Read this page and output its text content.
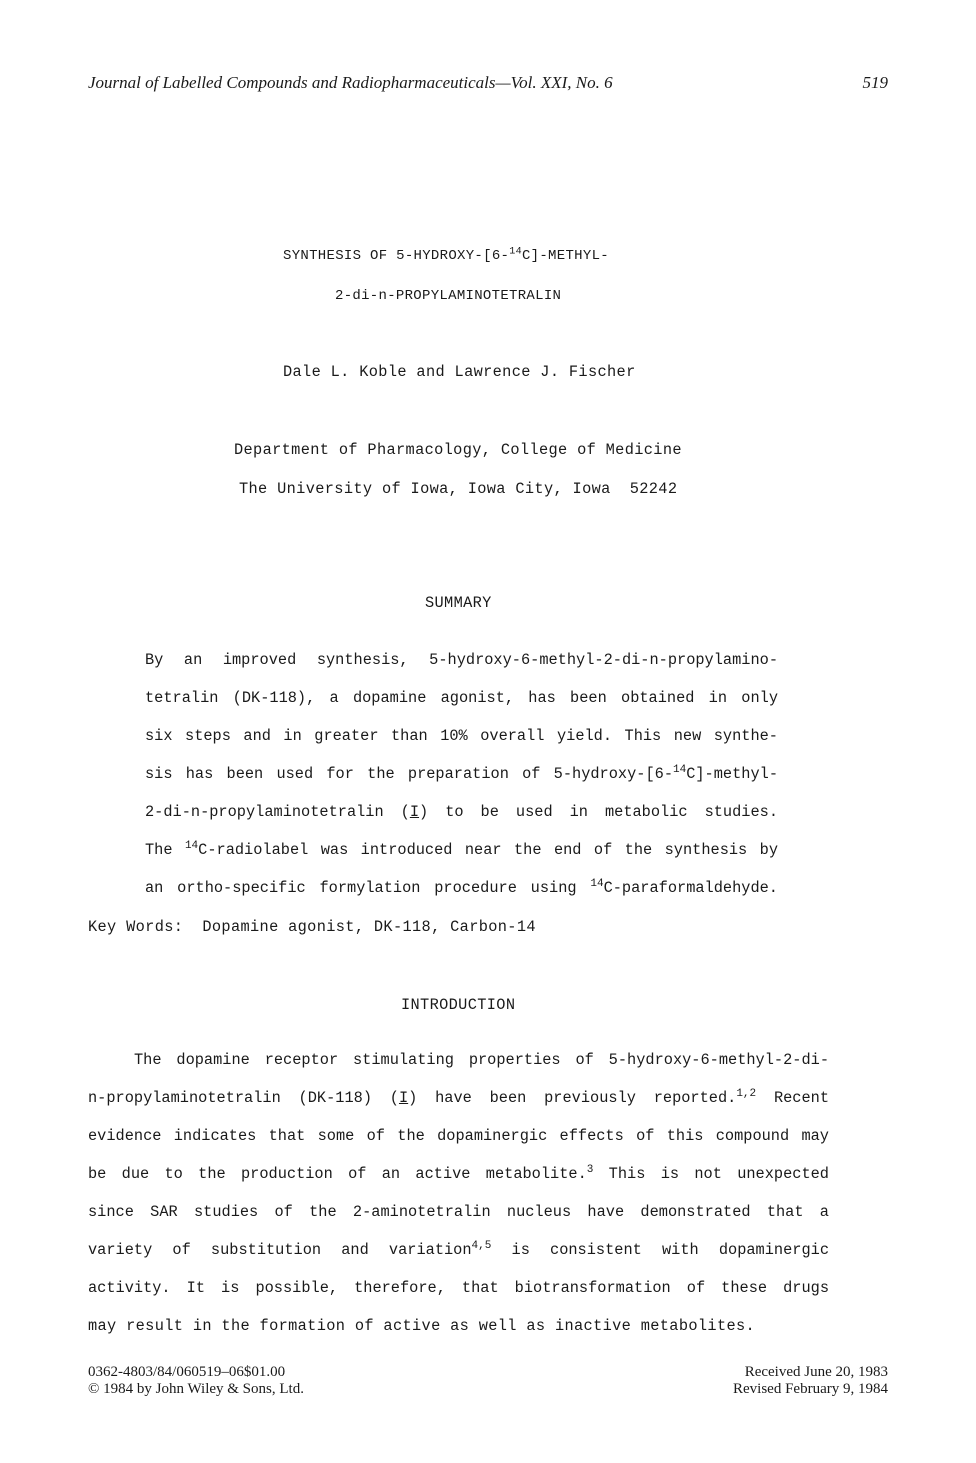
Journal of Labelled Compounds and Radiopharmaceuticals—Vol. XXI, No. 6	519
SYNTHESIS OF 5-HYDROXY-[6-$^{14}$C]-METHYL-
2-di-n-PROPYLAMINOTETRALIN
Dale L. Koble and Lawrence J. Fischer
Department of Pharmacology, College of Medicine
The University of Iowa, Iowa City, Iowa  52242
SUMMARY
By an improved synthesis, 5-hydroxy-6-methyl-2-di-n-propylamino-
tetralin (DK-118), a dopamine agonist, has been obtained in only
six steps and in greater than 10% overall yield. This new synthe-
sis has been used for the preparation of 5-hydroxy-[6-$^{14}$C]-methyl-
2-di-n-propylaminotetralin (I) to be used in metabolic studies.
The $^{14}$C-radiolabel was introduced near the end of the synthesis by
an ortho-specific formylation procedure using $^{14}$C-paraformaldehyde.
Key Words: Dopamine agonist, DK-118, Carbon-14
INTRODUCTION
The dopamine receptor stimulating properties of 5-hydroxy-6-methyl-2-di-
n-propylaminotetralin (DK-118) (I) have been previously reported.$^{1,2}$ Recent
evidence indicates that some of the dopaminergic effects of this compound may
be due to the production of an active metabolite.$^3$ This is not unexpected
since SAR studies of the 2-aminotetralin nucleus have demonstrated that a
variety of substitution and variation$^{4,5}$ is consistent with dopaminergic
activity. It is possible, therefore, that biotransformation of these drugs
may result in the formation of active as well as inactive metabolites.
0362-4803/84/060519–06$01.00
© 1984 by John Wiley & Sons, Ltd.
Received June 20, 1983
Revised February 9, 1984
